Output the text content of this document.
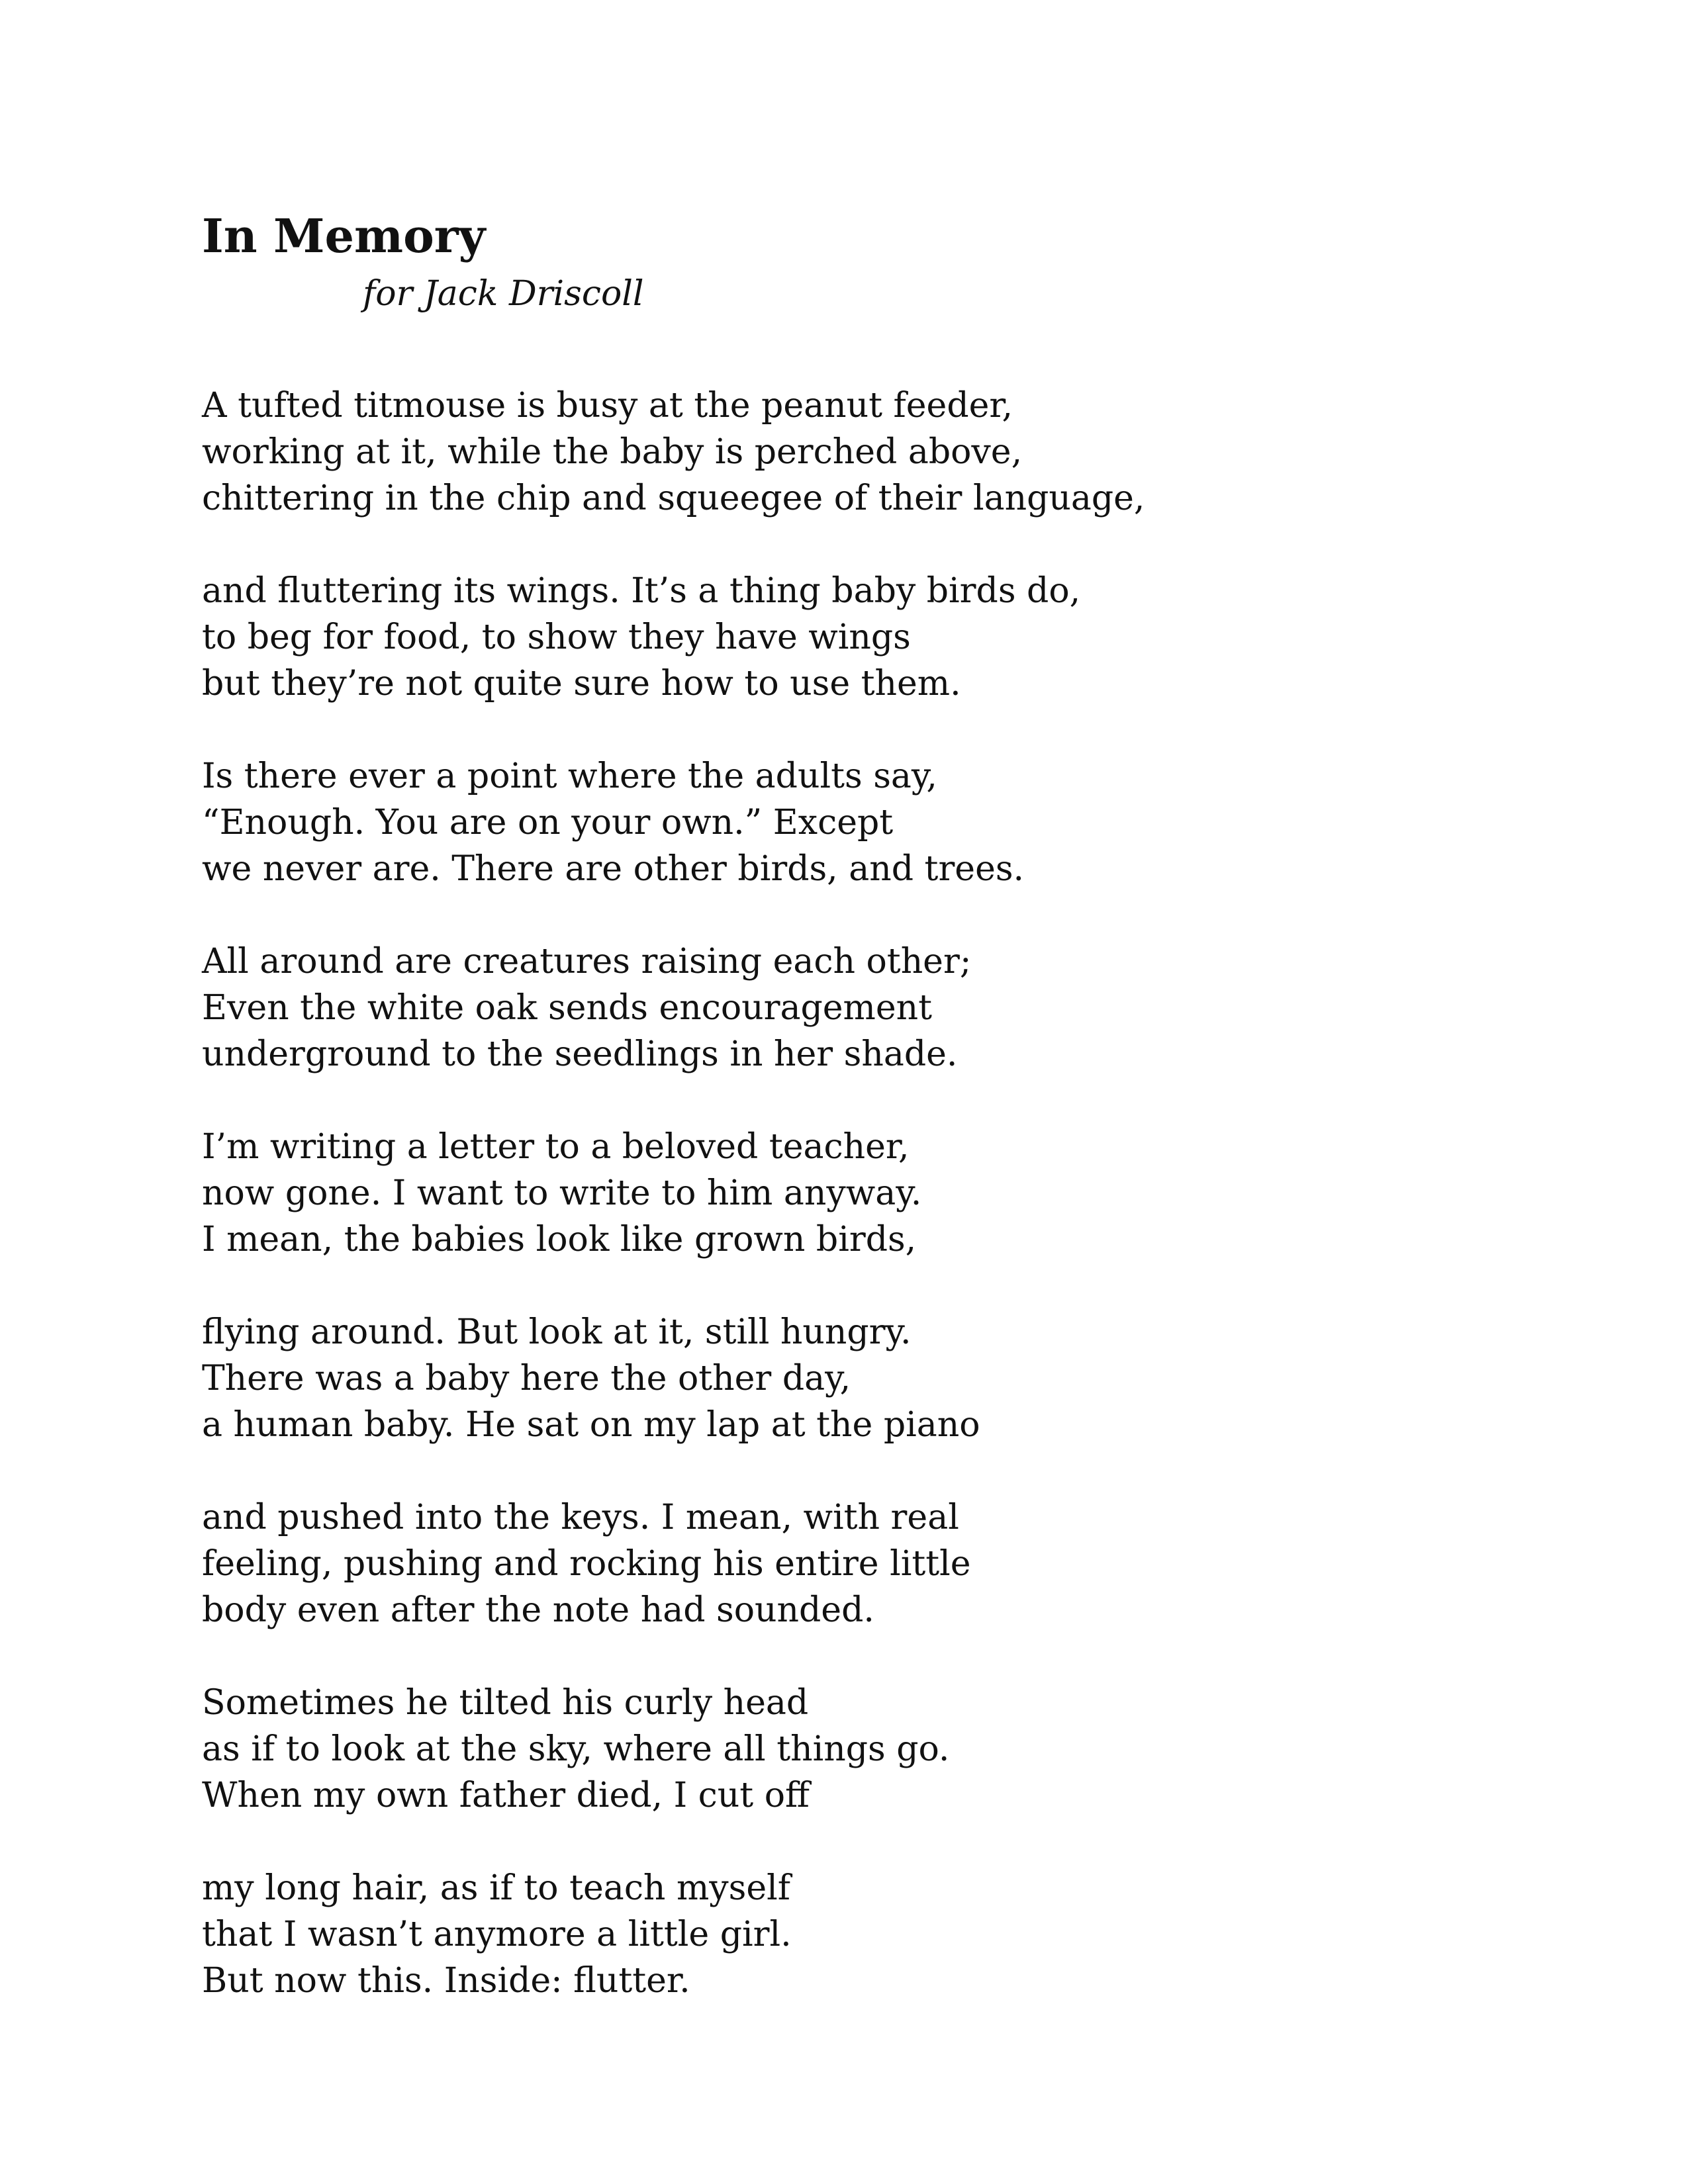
In Memory
for Jack Driscoll
A tufted titmouse is busy at the peanut feeder,
working at it, while the baby is perched above,
chittering in the chip and squeegee of their language,
and fluttering its wings. It’s a thing baby birds do,
to beg for food, to show they have wings
but they’re not quite sure how to use them.
Is there ever a point where the adults say,
“Enough. You are on your own.” Except
we never are. There are other birds, and trees.
All around are creatures raising each other;
Even the white oak sends encouragement
underground to the seedlings in her shade.
I’m writing a letter to a beloved teacher,
now gone. I want to write to him anyway.
I mean, the babies look like grown birds,
flying around. But look at it, still hungry.
There was a baby here the other day,
a human baby. He sat on my lap at the piano
and pushed into the keys. I mean, with real
feeling, pushing and rocking his entire little
body even after the note had sounded.
Sometimes he tilted his curly head
as if to look at the sky, where all things go.
When my own father died, I cut off
my long hair, as if to teach myself
that I wasn’t anymore a little girl.
But now this. Inside: flutter.
